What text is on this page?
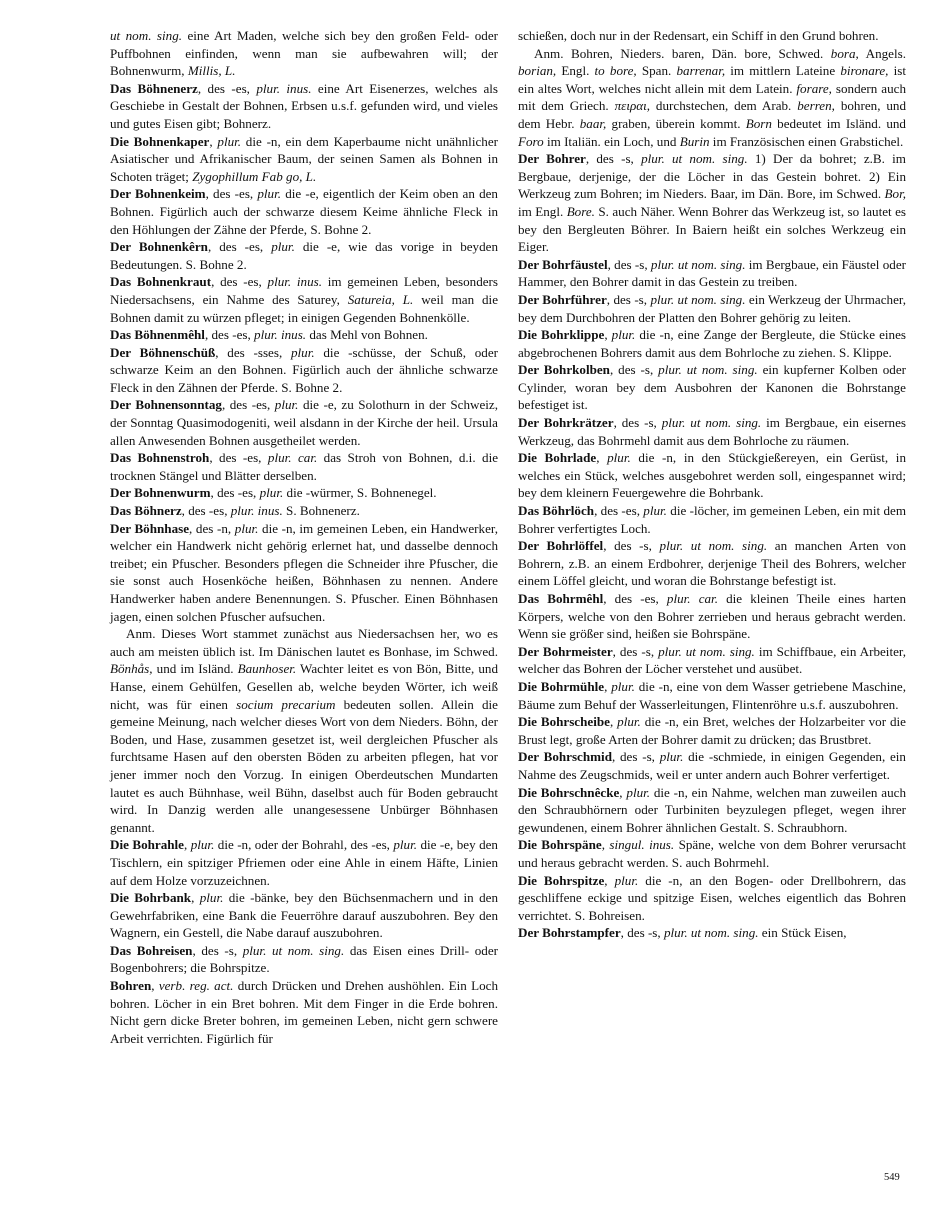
ut nom. sing. eine Art Maden, welche sich bey den großen Feld- oder Puffbohnen einfinden, wenn man sie aufbewahren will; der Bohnenwurm, Millis, L.

Das Böhnenerz, des -es, plur. inus. eine Art Eisenerzes, welches als Geschiebe in Gestalt der Bohnen, Erbsen u.s.f. gefunden wird, und vieles und gutes Eisen gibt; Bohnerz.

Die Bohnenkaper, plur. die -n, ein dem Kaperbaume nicht unähnlicher Asiatischer und Afrikanischer Baum, der seinen Samen als Bohnen in Schoten träget; Zygophillum Fab go, L.

Der Bohnenkeim, des -es, plur. die -e, eigentlich der Keim oben an den Bohnen. Figürlich auch der schwarze diesem Keime ähnliche Fleck in den Höhlungen der Zähne der Pferde, S. Bohne 2.

Der Bohnenkêrn, des -es, plur. die -e, wie das vorige in beyden Bedeutungen. S. Bohne 2.

Das Bohnenkraut, des -es, plur. inus. im gemeinen Leben, besonders Niedersachsens, ein Nahme des Saturey, Satureia, L. weil man die Bohnen damit zu würzen pfleget; in einigen Gegenden Bohnenkölle.

Das Böhnenmêhl, des -es, plur. inus. das Mehl von Bohnen.

Der Böhnenschüß, des -sses, plur. die -schüsse, der Schuß, oder schwarze Keim an den Bohnen. Figürlich auch der ähnliche schwarze Fleck in den Zähnen der Pferde. S. Bohne 2.

Der Bohnensonntag, des -es, plur. die -e, zu Solothurn in der Schweiz, der Sonntag Quasimodogeniti, weil alsdann in der Kirche der heil. Ursula allen Anwesenden Bohnen ausgetheilet werden.

Das Bohnenstroh, des -es, plur. car. das Stroh von Bohnen, d.i. die trocknen Stängel und Blätter derselben.

Der Bohnenwurm, des -es, plur. die -würmer, S. Bohnenegel.

Das Böhnerz, des -es, plur. inus. S. Bohnenerz.

Der Böhnhase, des -n, plur. die -n, im gemeinen Leben, ein Handwerker, welcher ein Handwerk nicht gehörig erlernet hat, und dasselbe dennoch treibet; ein Pfuscher. Besonders pflegen die Schneider ihre Pfuscher, die sie sonst auch Hosenköche heißen, Böhnhasen zu nennen. Andere Handwerker haben andere Benennungen. S. Pfuscher. Einen Böhnhasen jagen, einen solchen Pfuscher aufsuchen.

Anm. Dieses Wort stammet zunächst aus Niedersachsen her, wo es auch am meisten üblich ist. Im Dänischen lautet es Bonhase, im Schwed. Bönhås, und im Isländ. Baunhoser. Wachter leitet es von Bön, Bitte, und Hanse, einem Gehülfen, Gesellen ab, welche beyden Wörter, ich weiß nicht, was für einen socium precarium bedeuten sollen. Allein die gemeine Meinung, nach welcher dieses Wort von dem Nieders. Böhn, der Boden, und Hase, zusammen gesetzet ist, weil dergleichen Pfuscher als furchtsame Hasen auf den obersten Böden zu arbeiten pflegen, hat vor jener immer noch den Vorzug. In einigen Oberdeutschen Mundarten lautet es auch Bühnhase, weil Bühn, daselbst auch für Boden gebraucht wird. In Danzig werden alle unangesessene Unbürger Böhnhasen genannt.

Die Bohrahle, plur. die -n, oder der Bohrahl, des -es, plur. die -e, bey den Tischlern, ein spitziger Pfriemen oder eine Ahle in einem Häfte, Linien auf dem Holze vorzuzeichnen.

Die Bohrbank, plur. die -bänke, bey den Büchsenmachern und in den Gewehrfabriken, eine Bank die Feuerröhre darauf auszubohren. Bey den Wagnern, ein Gestell, die Nabe darauf auszubohren.

Das Bohreisen, des -s, plur. ut nom. sing. das Eisen eines Drill- oder Bogenbohrers; die Bohrspitze.

Bohren, verb. reg. act. durch Drücken und Drehen aushöhlen. Ein Loch bohren. Löcher in ein Bret bohren. Mit dem Finger in die Erde bohren. Nicht gern dicke Breter bohren, im gemeinen Leben, nicht gern schwere Arbeit verrichten. Figürlich für

schießen, doch nur in der Redensart, ein Schiff in den Grund bohren.

Anm. Bohren, Nieders. baren, Dän. bore, Schwed. bora, Angels. borian, Engl. to bore, Span. barrenar, im mittlern Lateine bironare, ist ein altes Wort, welches nicht allein mit dem Latein. forare, sondern auch mit dem Griech. πειραι, durchstechen, dem Arab. berren, bohren, und dem Hebr. baar, graben, überein kommt. Born bedeutet im Isländ. und Foro im Italiän. ein Loch, und Burin im Französischen einen Grabstichel.

Der Bohrer, des -s, plur. ut nom. sing. 1) Der da bohret; z.B. im Bergbaue, derjenige, der die Löcher in das Gestein bohret. 2) Ein Werkzeug zum Bohren; im Nieders. Baar, im Dän. Bore, im Schwed. Bor, im Engl. Bore. S. auch Näher. Wenn Bohrer das Werkzeug ist, so lautet es bey den Bergleuten Böhrer. In Baiern heißt ein solches Werkzeug ein Eiger.

Der Bohrfäustel, des -s, plur. ut nom. sing. im Bergbaue, ein Fäustel oder Hammer, den Bohrer damit in das Gestein zu treiben.

Der Bohrführer, des -s, plur. ut nom. sing. ein Werkzeug der Uhrmacher, bey dem Durchbohren der Platten den Bohrer gehörig zu leiten.

Die Bohrklippe, plur. die -n, eine Zange der Bergleute, die Stücke eines abgebrochenen Bohrers damit aus dem Bohrloche zu ziehen. S. Klippe.

Der Bohrkolben, des -s, plur. ut nom. sing. ein kupferner Kolben oder Cylinder, woran bey dem Ausbohren der Kanonen die Bohrstange befestiget ist.

Der Bohrkrätzer, des -s, plur. ut nom. sing. im Bergbaue, ein eisernes Werkzeug, das Bohrmehl damit aus dem Bohrloche zu räumen.

Die Bohrlade, plur. die -n, in den Stückgießereyen, ein Gerüst, in welches ein Stück, welches ausgebohret werden soll, eingespannet wird; bey dem kleinern Feuergewehre die Bohrbank.

Das Böhrlöch, des -es, plur. die -löcher, im gemeinen Leben, ein mit dem Bohrer verfertigtes Loch.

Der Bohrlöffel, des -s, plur. ut nom. sing. an manchen Arten von Bohrern, z.B. an einem Erdbohrer, derjenige Theil des Bohrers, welcher einem Löffel gleicht, und woran die Bohrstange befestigt ist.

Das Bohrmêhl, des -es, plur. car. die kleinen Theile eines harten Körpers, welche von den Bohrer zerrieben und heraus gebracht werden. Wenn sie größer sind, heißen sie Bohrspäne.

Der Bohrmeister, des -s, plur. ut nom. sing. im Schiffbaue, ein Arbeiter, welcher das Bohren der Löcher verstehet und ausübet.

Die Bohrmühle, plur. die -n, eine von dem Wasser getriebene Maschine, Bäume zum Behuf der Wasserleitungen, Flintenröhre u.s.f. auszubohren.

Die Bohrscheibe, plur. die -n, ein Bret, welches der Holzarbeiter vor die Brust legt, große Arten der Bohrer damit zu drücken; das Brustbret.

Der Bohrschmid, des -s, plur. die -schmiede, in einigen Gegenden, ein Nahme des Zeugschmids, weil er unter andern auch Bohrer verfertiget.

Die Bohrschnêcke, plur. die -n, ein Nahme, welchen man zuweilen auch den Schraubhörnern oder Turbiniten beyzulegen pfleget, wegen ihrer gewundenen, einem Bohrer ähnlichen Gestalt. S. Schraubhorn.

Die Bohrspäne, singul. inus. Späne, welche von dem Bohrer verursacht und heraus gebracht werden. S. auch Bohrmehl.

Die Bohrspitze, plur. die -n, an den Bogen- oder Drellbohrern, das geschliffene eckige und spitzige Eisen, welches eigentlich das Bohren verrichtet. S. Bohreisen.

Der Bohrstampfer, des -s, plur. ut nom. sing. ein Stück Eisen,

549
